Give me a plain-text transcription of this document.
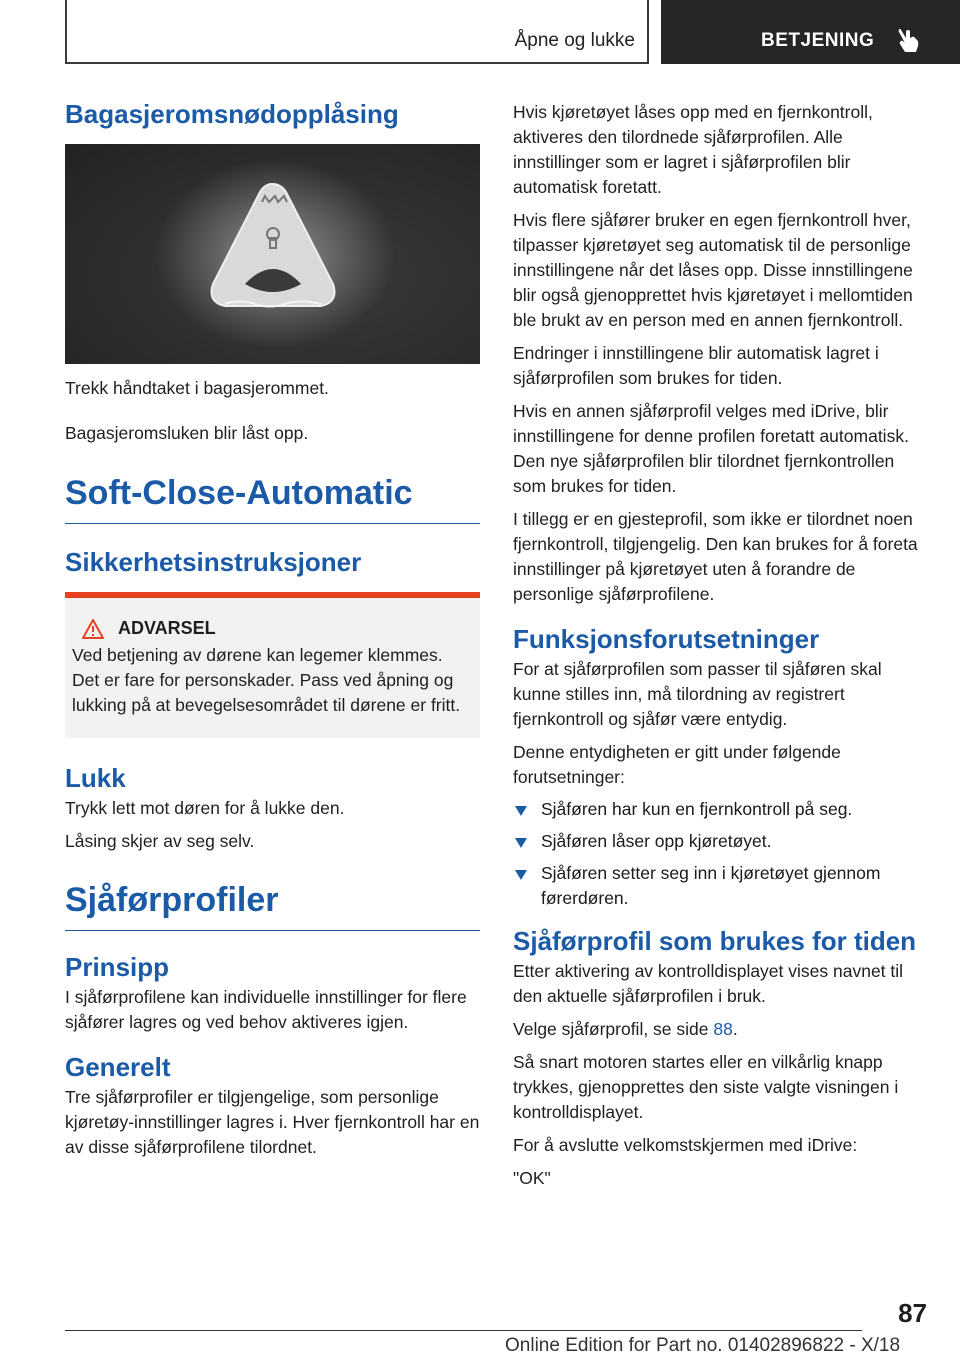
Åpne og lukke	BETJENING
Bagasjeromsnødopplåsing
Trekk håndtaket i bagasjerommet.
Bagasjeromsluken blir låst opp.
Soft-Close-Automatic
Sikkerhetsinstruksjoner
ADVARSEL
Ved betjening av dørene kan legemer klemmes. Det er fare for personskader. Pass ved åpning og lukking på at bevegelsesområdet til dørene er fritt.
Lukk
Trykk lett mot døren for å lukke den.
Låsing skjer av seg selv.
Sjåførprofiler
Prinsipp
I sjåførprofilene kan individuelle innstillinger for flere sjåfører lagres og ved behov aktiveres igjen.
Generelt
Tre sjåførprofiler er tilgjengelige, som personlige kjøretøy-innstillinger lagres i. Hver fjernkontroll har en av disse sjåførprofilene tilordnet.
Hvis kjøretøyet låses opp med en fjernkontroll, aktiveres den tilordnede sjåførprofilen. Alle innstillinger som er lagret i sjåførprofilen blir automatisk foretatt.
Hvis flere sjåfører bruker en egen fjernkontroll hver, tilpasser kjøretøyet seg automatisk til de personlige innstillingene når det låses opp. Disse innstillingene blir også gjenopprettet hvis kjøretøyet i mellomtiden ble brukt av en person med en annen fjernkontroll.
Endringer i innstillingene blir automatisk lagret i sjåførprofilen som brukes for tiden.
Hvis en annen sjåførprofil velges med iDrive, blir innstillingene for denne profilen foretatt automatisk. Den nye sjåførprofilen blir tilordnet fjernkontrollen som brukes for tiden.
I tillegg er en gjesteprofil, som ikke er tilordnet noen fjernkontroll, tilgjengelig. Den kan brukes for å foreta innstillinger på kjøretøyet uten å forandre de personlige sjåførprofilene.
Funksjonsforutsetninger
For at sjåførprofilen som passer til sjåføren skal kunne stilles inn, må tilordning av registrert fjernkontroll og sjåfør være entydig.
Denne entydigheten er gitt under følgende forutsetninger:
Sjåføren har kun en fjernkontroll på seg.
Sjåføren låser opp kjøretøyet.
Sjåføren setter seg inn i kjøretøyet gjennom førerdøren.
Sjåførprofil som brukes for tiden
Etter aktivering av kontrolldisplayet vises navnet til den aktuelle sjåførprofilen i bruk.
Velge sjåførprofil, se side 88.
Så snart motoren startes eller en vilkårlig knapp trykkes, gjenopprettes den siste valgte visningen i kontrolldisplayet.
For å avslutte velkomstskjermen med iDrive:
"OK"
87
Online Edition for Part no. 01402896822 - X/18
